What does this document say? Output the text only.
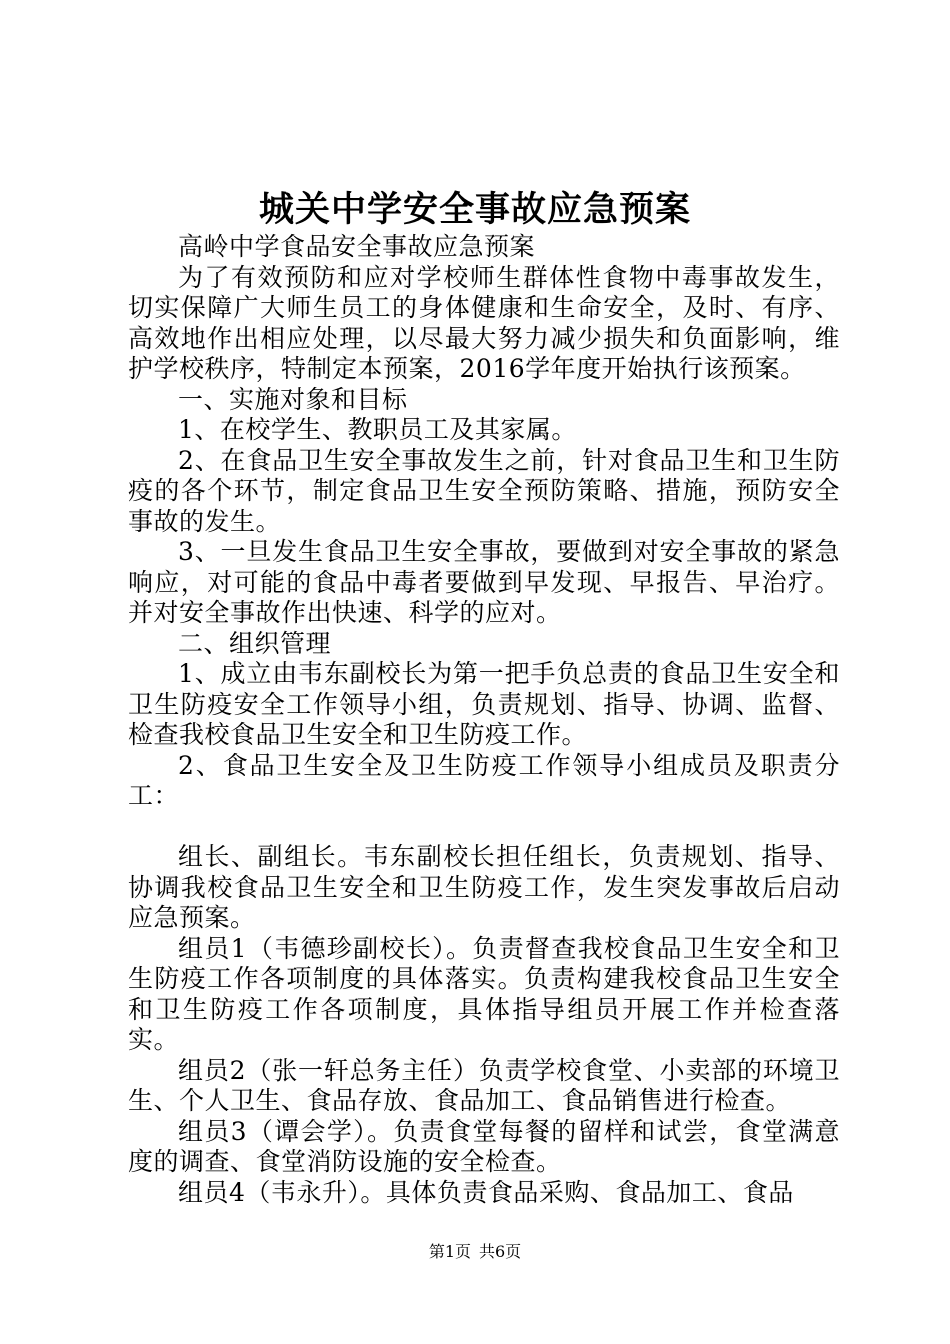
城关中学安全事故应急预案

高岭中学食品安全事故应急预案

为了有效预防和应对学校师生群体性食物中毒事故发生，切实保障广大师生员工的身体健康和生命安全，及时、有序、高效地作出相应处理，以尽最大努力减少损失和负面影响，维护学校秩序，特制定本预案，2016学年度开始执行该预案。

一、实施对象和目标

1、在校学生、教职员工及其家属。

2、在食品卫生安全事故发生之前，针对食品卫生和卫生防疫的各个环节，制定食品卫生安全预防策略、措施，预防安全事故的发生。

3、一旦发生食品卫生安全事故，要做到对安全事故的紧急响应，对可能的食品中毒者要做到早发现、早报告、早治疗。并对安全事故作出快速、科学的应对。

二、组织管理

1、成立由韦东副校长为第一把手负总责的食品卫生安全和卫生防疫安全工作领导小组，负责规划、指导、协调、监督、检查我校食品卫生安全和卫生防疫工作。

2、食品卫生安全及卫生防疫工作领导小组成员及职责分工：

组长、副组长。韦东副校长担任组长，负责规划、指导、协调我校食品卫生安全和卫生防疫工作，发生突发事故后启动应急预案。

组员1（韦德珍副校长）。负责督查我校食品卫生安全和卫生防疫工作各项制度的具体落实。负责构建我校食品卫生安全和卫生防疫工作各项制度，具体指导组员开展工作并检查落实。

组员2（张一轩总务主任）负责学校食堂、小卖部的环境卫生、个人卫生、食品存放、食品加工、食品销售进行检查。

组员3（谭会学）。负责食堂每餐的留样和试尝，食堂满意度的调查、食堂消防设施的安全检查。

组员4（韦永升）。具体负责食品采购、食品加工、食品

第1页 共6页
